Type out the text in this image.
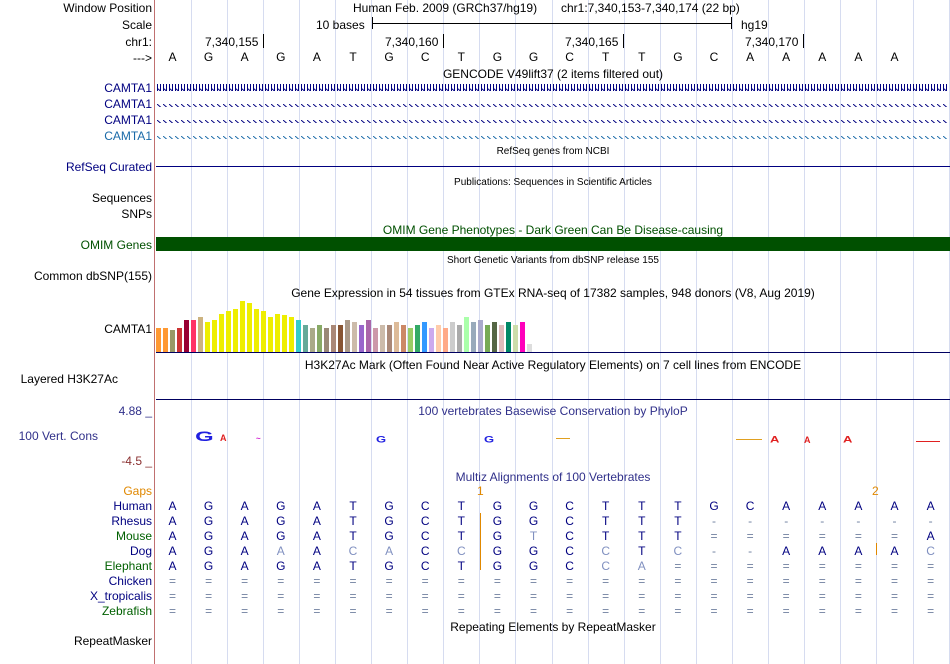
Window Position
Scale
chr1:
--->
Human Feb. 2009 (GRCh37/hg19) chr1:7,340,153-7,340,174 (22 bp)
10 bases	hg19
7,340,155	7,340,160	7,340,165	7,340,170
A	G	A	G	A	T	G	C	T	G	G	C	T	T	G	C	A	A	A	A	A
GENCODE V49lift37 (2 items filtered out)
CAMTA1
CAMTA1
CAMTA1
CAMTA1
RefSeq genes from NCBI
RefSeq Curated
Publications: Sequences in Scientific Articles
Sequences
SNPs
OMIM Gene Phenotypes - Dark Green Can Be Disease-causing
OMIM Genes
Short Genetic Variants from dbSNP release 155
Common dbSNP(155)
Gene Expression in 54 tissues from GTEx RNA-seq of 17382 samples, 948 donors (V8, Aug 2019)
CAMTA1
H3K27Ac Mark (Often Found Near Active Regulatory Elements) on 7 cell lines from ENCODE
Layered H3K27Ac
100 vertebrates Basewise Conservation by PhyloP
4.88 _
100 Vert. Cons
-4.5 _
G A	~	G	G	A	A	A
Multiz Alignments of 100 Vertebrates
Gaps	1	2
Human	A	G	A	G	A	T	G	C	T	G	G	C	T	T	T	G	C	A	A	A	A	A
Rhesus	A	G	A	G	A	T	G	C	T	G	G	C	T	T	T	-	-	-	-	-	-	-
Mouse	A	G	A	G	A	T	G	C	T	G	T	C	T	T	T	=	=	=	=	=	=	A
Dog	A	G	A	A	A	C	A	C	C	G	G	C	C	T	C	-	-	A	A	A	A	C
Elephant	A	G	A	G	A	T	G	C	T	G	G	C	C	A	=	=	=	=	=	=	=	=
Chicken	=	=	=	=	=	=	=	=	=	=	=	=	=	=	=	=	=	=	=	=	=	=
X_tropicalis	=	=	=	=	=	=	=	=	=	=	=	=	=	=	=	=	=	=	=	=	=	=
Zebrafish	=	=	=	=	=	=	=	=	=	=	=	=	=	=	=	=	=	=	=	=	=	=
Repeating Elements by RepeatMasker
RepeatMasker
